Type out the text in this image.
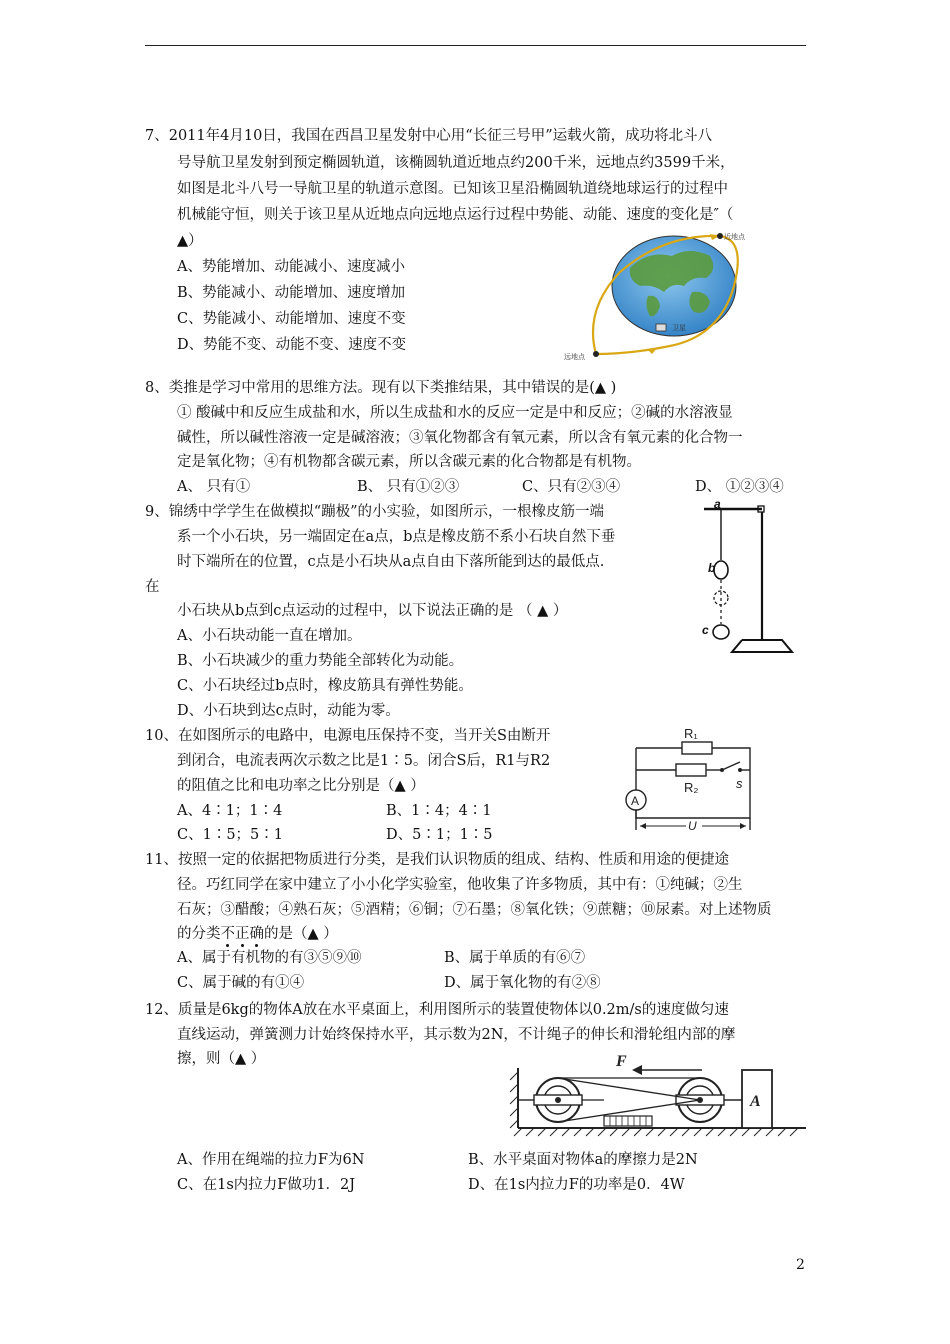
7、2011年4月10日，我国在西昌卫星发射中心用“长征三号甲”运载火箭，成功将北斗八
号导航卫星发射到预定椭圆轨道，该椭圆轨道近地点约200千米，远地点约3599千米，
如图是北斗八号一导航卫星的轨道示意图。已知该卫星沿椭圆轨道绕地球运行的过程中
机械能守恒，则关于该卫星从近地点向远地点运行过程中势能、动能、速度的变化是″（
▲）
A、势能增加、动能减小、速度减小
B、势能减小、动能增加、速度增加
C、势能减小、动能增加、速度不变
D、势能不变、动能不变、速度不变
近地点
远地点
卫星
8、类推是学习中常用的思维方法。现有以下类推结果，其中错误的是(▲ )
① 酸碱中和反应生成盐和水，所以生成盐和水的反应一定是中和反应；②碱的水溶液显
碱性，所以碱性溶液一定是碱溶液；③氧化物都含有氧元素，所以含有氧元素的化合物一
定是氧化物；④有机物都含碳元素，所以含碳元素的化合物都是有机物。
A、 只有①	B、 只有①②③	C、只有②③④	D、 ①②③④
9、锦绣中学学生在做模拟“蹦极”的小实验，如图所示，一根橡皮筋一端
系一个小石块，另一端固定在a点，b点是橡皮筋不系小石块自然下垂
时下端所在的位置，c点是小石块从a点自由下落所能到达的最低点.
在
小石块从b点到c点运动的过程中，以下说法正确的是 （ ▲ ）
A、小石块动能一直在增加。
B、小石块减少的重力势能全部转化为动能。
C、小石块经过b点时，橡皮筋具有弹性势能。
D、小石块到达c点时，动能为零。
a
b
c
10、在如图所示的电路中，电源电压保持不变，当开关S由断开
到闭合，电流表两次示数之比是1∶5。闭合S后，R1与R2
的阻值之比和电功率之比分别是（▲ ）
A、4∶1；1∶4	B、1∶4；4∶1
C、1∶5；5∶1	D、5∶1；1∶5
A
U
R₁
R₂	s
11、按照一定的依据把物质进行分类，是我们认识物质的组成、结构、性质和用途的便捷途
径。巧红同学在家中建立了小小化学实验室，他收集了许多物质，其中有：①纯碱；②生
石灰；③醋酸；④熟石灰；⑤酒精；⑥铜；⑦石墨；⑧氧化铁；⑨蔗糖；⑩尿素。对上述物质
的分类不正确的是（▲ ）
A、属于有机物的有③⑤⑨⑩	B、属于单质的有⑥⑦
C、属于碱的有①④	D、属于氧化物的有②⑧
12、质量是6kg的物体A放在水平桌面上，利用图所示的装置使物体以0.2m/s的速度做匀速
直线运动，弹簧测力计始终保持水平，其示数为2N，不计绳子的伸长和滑轮组内部的摩
擦，则（▲ ）
A
F
A、作用在绳端的拉力F为6N	B、水平桌面对物体a的摩擦力是2N
C、在1s内拉力F做功1．2J	D、在1s内拉力F的功率是0．4W
2
